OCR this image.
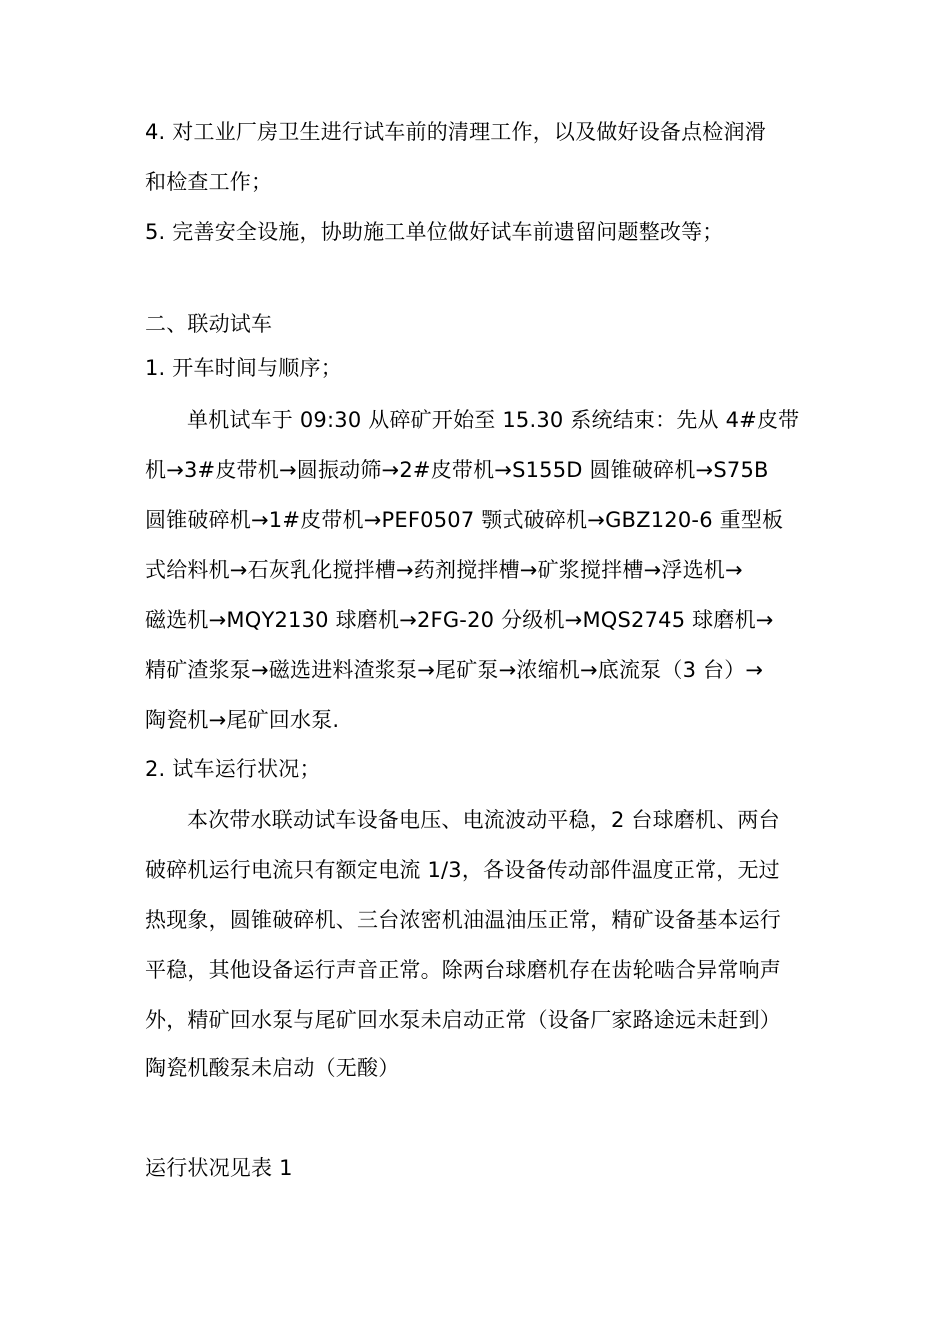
4. 对工业厂房卫生进行试车前的清理工作，以及做好设备点检润滑
和检查工作；
5. 完善安全设施，协助施工单位做好试车前遗留问题整改等；
二、联动试车
1. 开车时间与顺序；
单机试车于 09:30 从碎矿开始至 15.30 系统结束：先从 4#皮带
机→3#皮带机→圆振动筛→2#皮带机→S155D 圆锥破碎机→S75B
圆锥破碎机→1#皮带机→PEF0507 颚式破碎机→GBZ120-6 重型板
式给料机→石灰乳化搅拌槽→药剂搅拌槽→矿浆搅拌槽→浮选机→
磁选机→MQY2130 球磨机→2FG-20 分级机→MQS2745 球磨机→
精矿渣浆泵→磁选进料渣浆泵→尾矿泵→浓缩机→底流泵（3 台）→
陶瓷机→尾矿回水泵.
2. 试车运行状况；
本次带水联动试车设备电压、电流波动平稳，2 台球磨机、两台
破碎机运行电流只有额定电流 1/3，各设备传动部件温度正常，无过
热现象，圆锥破碎机、三台浓密机油温油压正常，精矿设备基本运行
平稳，其他设备运行声音正常。除两台球磨机存在齿轮啮合异常响声
外，精矿回水泵与尾矿回水泵未启动正常（设备厂家路途远未赶到）
陶瓷机酸泵未启动（无酸）
运行状况见表 1
